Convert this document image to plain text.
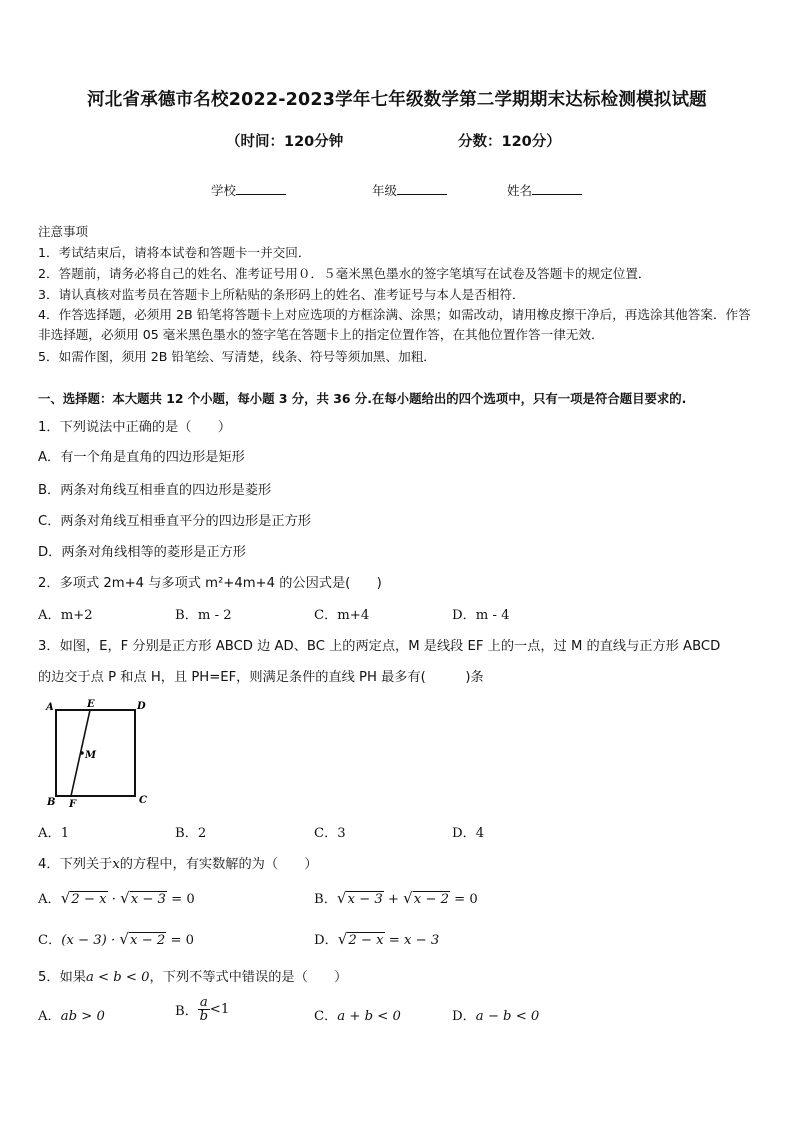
河北省承德市名校2022-2023学年七年级数学第二学期期末达标检测模拟试题
（时间：120分钟	分数：120分）
学校	年级	姓名
注意事项
1．考试结束后，请将本试卷和答题卡一并交回．
2．答题前，请务必将自己的姓名、准考证号用０．５毫米黑色墨水的签字笔填写在试卷及答题卡的规定位置．
3．请认真核对监考员在答题卡上所粘贴的条形码上的姓名、准考证号与本人是否相符．
4．作答选择题，必须用 2B 铅笔将答题卡上对应选项的方框涂满、涂黑；如需改动，请用橡皮擦干净后，再选涂其他答案．作答非选择题，必须用 05 毫米黑色墨水的签字笔在答题卡上的指定位置作答，在其他位置作答一律无效．
5．如需作图，须用 2B 铅笔绘、写清楚，线条、符号等须加黑、加粗．
一、选择题：本大题共 12 个小题，每小题 3 分，共 36 分.在每小题给出的四个选项中，只有一项是符合题目要求的.
1．下列说法中正确的是（　　）
A．有一个角是直角的四边形是矩形
B．两条对角线互相垂直的四边形是菱形
C．两条对角线互相垂直平分的四边形是正方形
D．两条对角线相等的菱形是正方形
2．多项式 2m+4 与多项式 m²+4m+4 的公因式是(　　)
A．m+2	B．m - 2	C．m+4	D．m - 4
3．如图，E，F 分别是正方形 ABCD 边 AD、BC 上的两定点，M 是线段 EF 上的一点，过 M 的直线与正方形 ABCD
的边交于点 P 和点 H，且 PH=EF，则满足条件的直线 PH 最多有(　　　)条
A	E	D
M
B F	C
A．1	B．2	C．3	D．4
4．下列关于x的方程中，有实数解的为（　　）
A．√2 − x · √x − 3 = 0	B．√x − 3 + √x − 2 = 0
C．(x − 3) · √x − 2 = 0	D．√2 − x = x − 3
5．如果a < b < 0，下列不等式中错误的是（　　）
A．ab > 0	B． $\frac{a}{b} <1$	C．a + b < 0	D．a − b < 0
